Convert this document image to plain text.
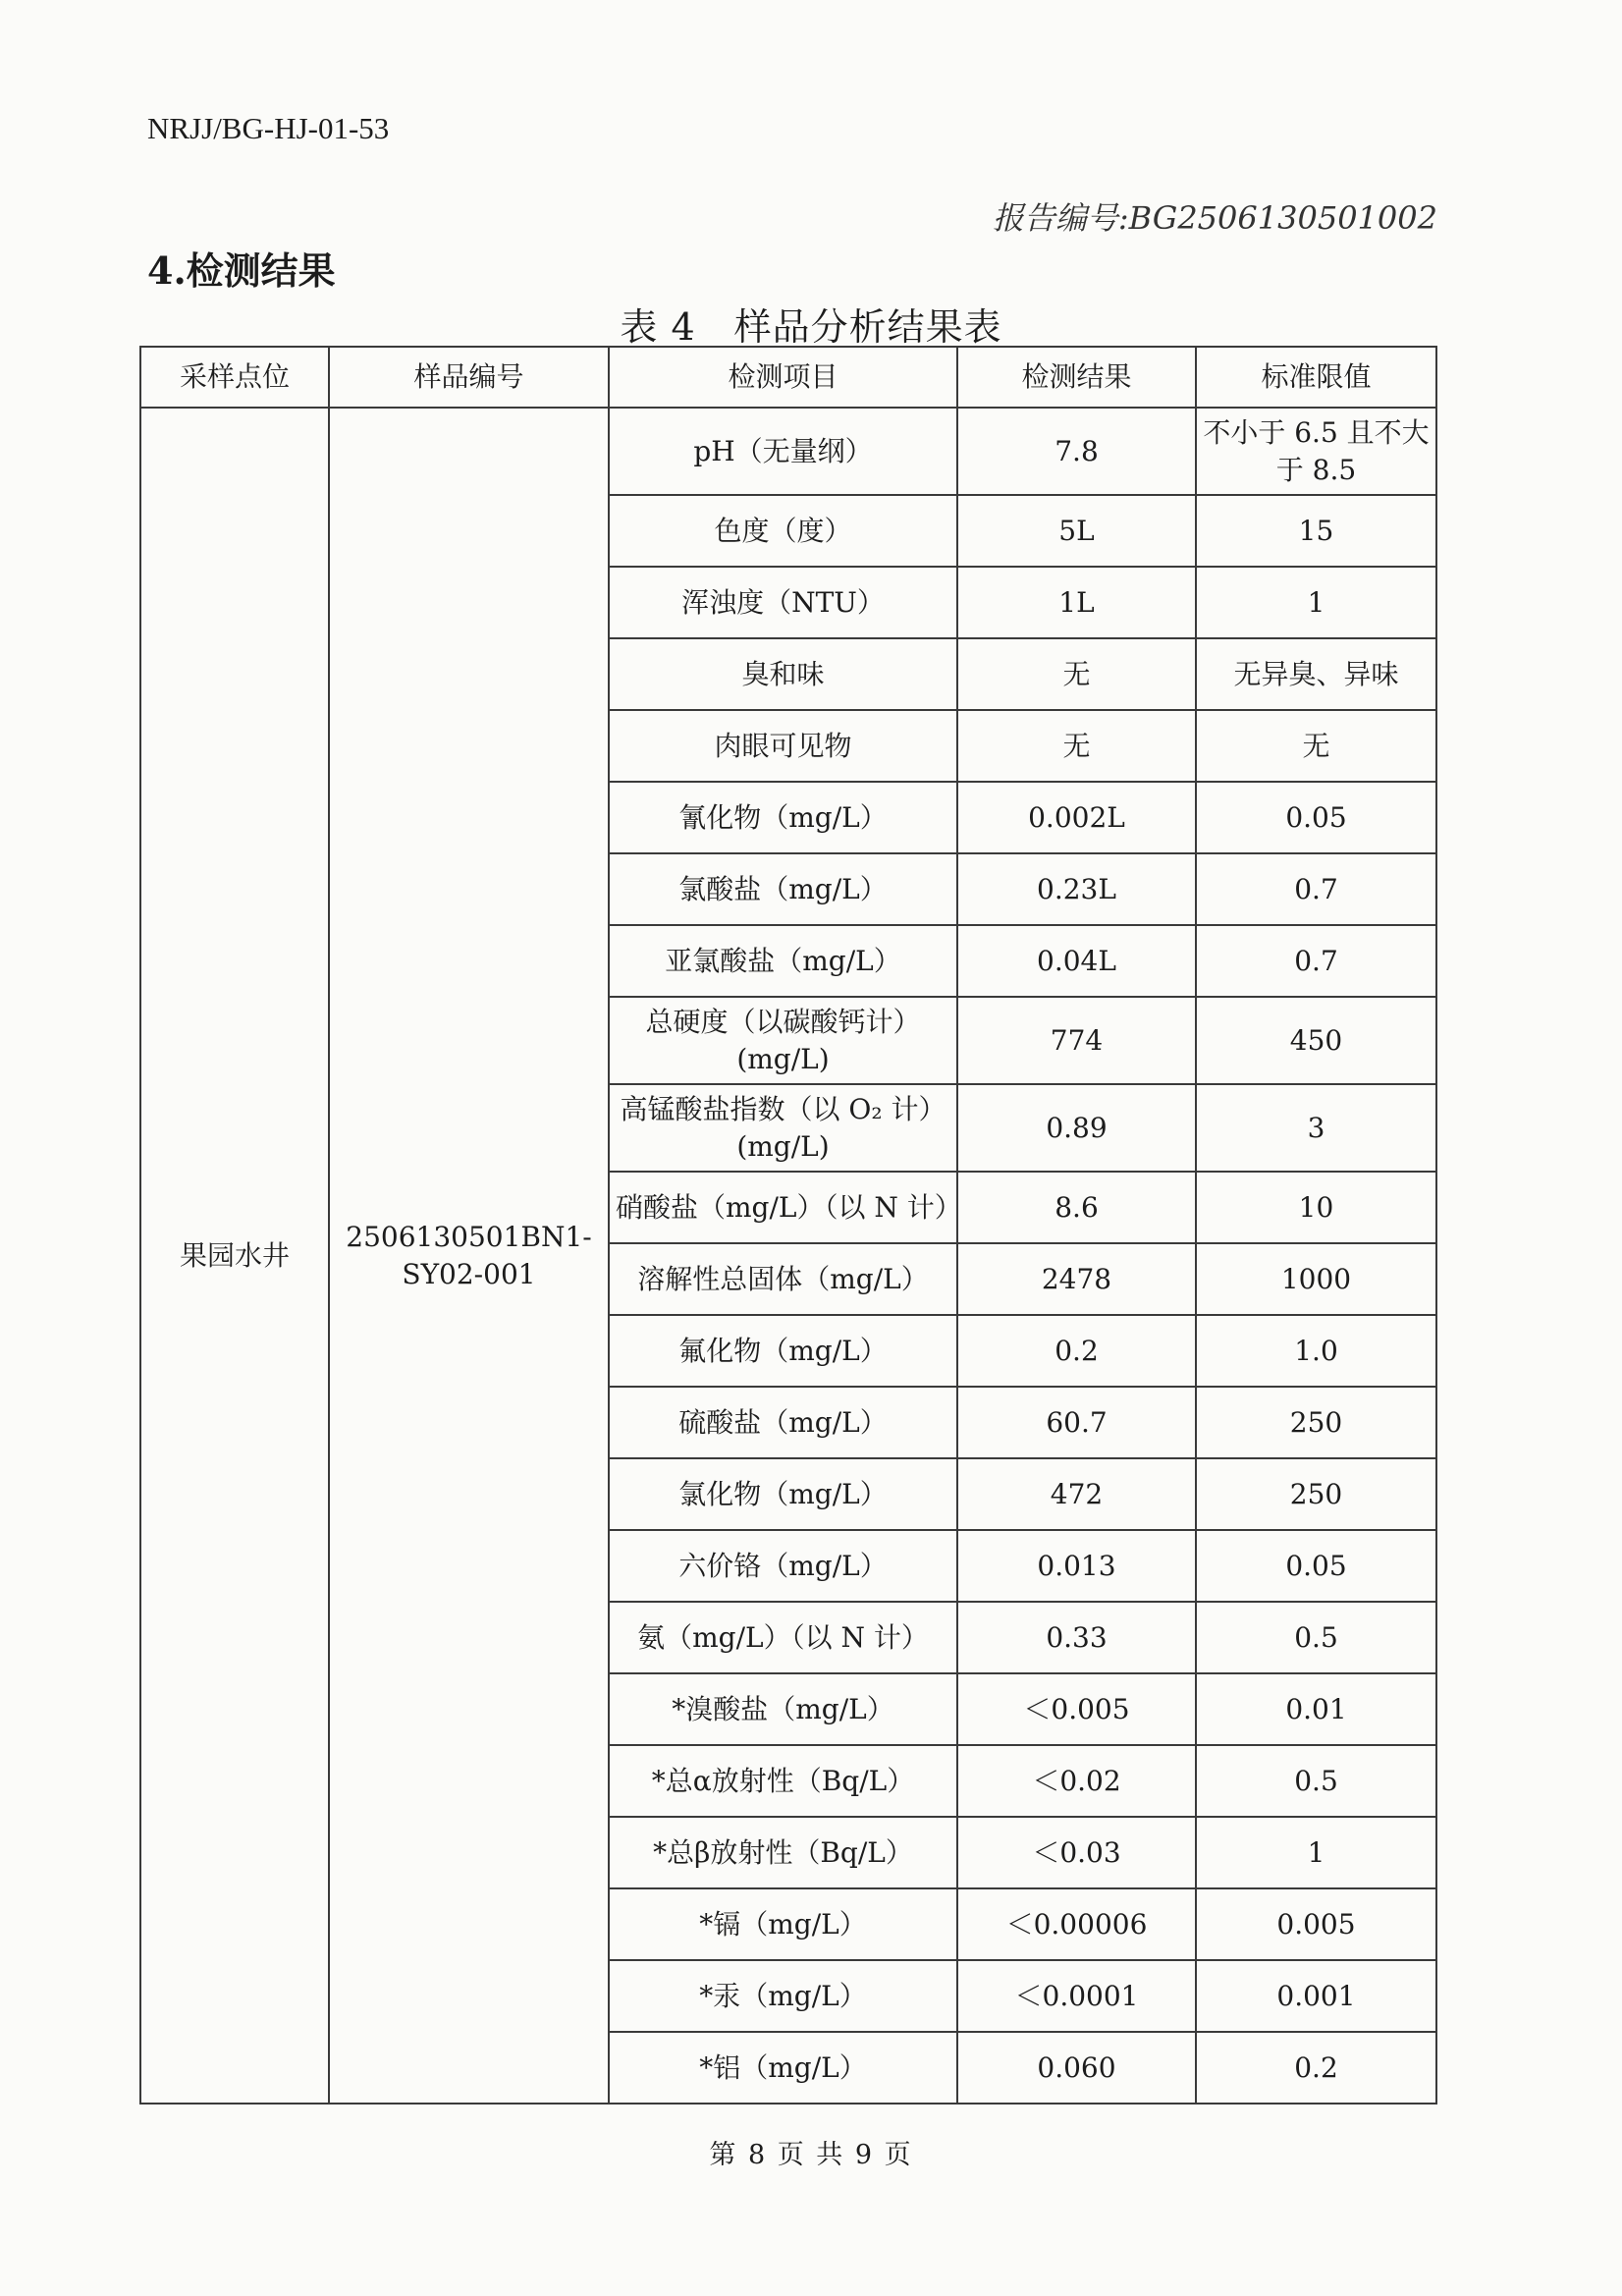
NRJJ/BG-HJ-01-53
报告编号:BG2506130501002
4.检测结果
表 4　样品分析结果表
采样点位	样品编号	检测项目	检测结果	标准限值
果园水井	2506130501BN1-SY02-001	pH（无量纲）	7.8	不小于 6.5 且不大于 8.5
		色度（度）	5L	15
		浑浊度（NTU）	1L	1
		臭和味	无	无异臭、异味
		肉眼可见物	无	无
		氰化物（mg/L）	0.002L	0.05
		氯酸盐（mg/L）	0.23L	0.7
		亚氯酸盐（mg/L）	0.04L	0.7
		总硬度（以碳酸钙计）(mg/L)	774	450
		高锰酸盐指数（以 O₂ 计）(mg/L)	0.89	3
		硝酸盐（mg/L）（以 N 计）	8.6	10
		溶解性总固体（mg/L）	2478	1000
		氟化物（mg/L）	0.2	1.0
		硫酸盐（mg/L）	60.7	250
		氯化物（mg/L）	472	250
		六价铬（mg/L）	0.013	0.05
		氨（mg/L）（以 N 计）	0.33	0.5
		*溴酸盐（mg/L）	＜0.005	0.01
		*总α放射性（Bq/L）	＜0.02	0.5
		*总β放射性（Bq/L）	＜0.03	1
		*镉（mg/L）	＜0.00006	0.005
		*汞（mg/L）	＜0.0001	0.001
		*铝（mg/L）	0.060	0.2
第 8 页 共 9 页
